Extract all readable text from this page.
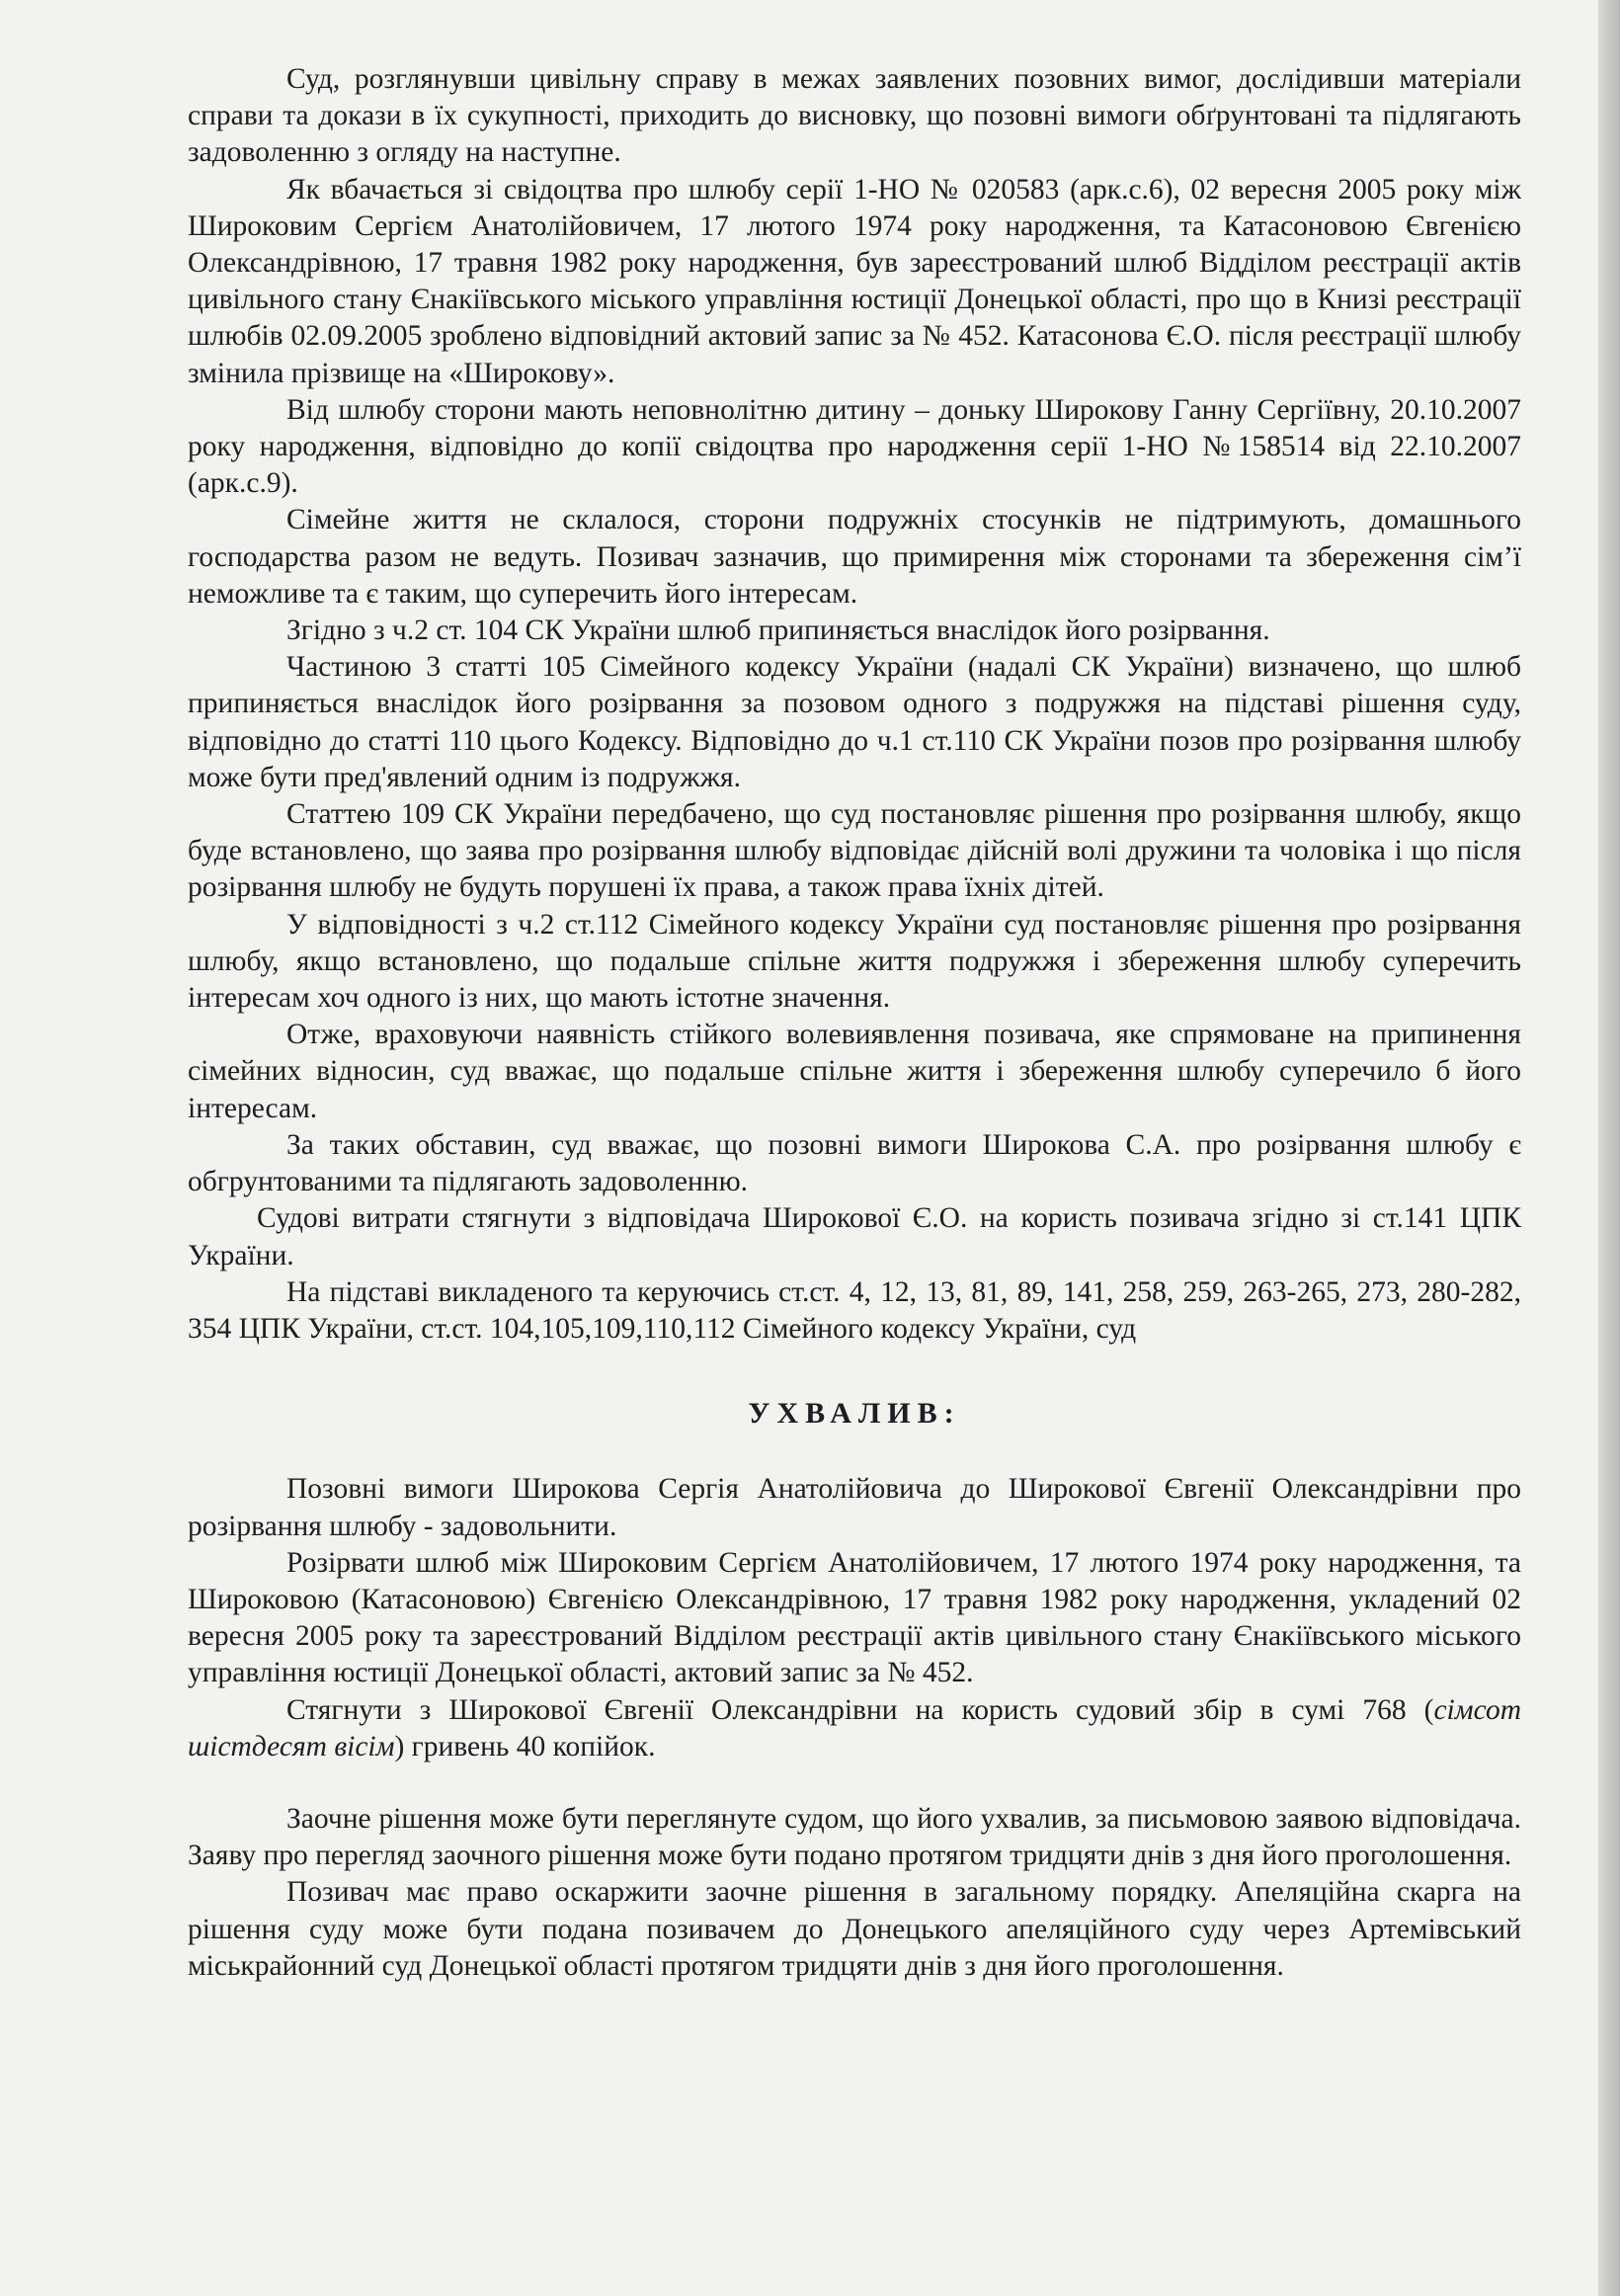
Суд, розглянувши цивільну справу в межах заявлених позовних вимог, дослідивши матеріали справи та докази в їх сукупності, приходить до висновку, що позовні вимоги обґрунтовані та підлягають задоволенню з огляду на наступне.

Як вбачається зі свідоцтва про шлюбу серії 1-НО № 020583 (арк.с.6), 02 вересня 2005 року між Широковим Сергієм Анатолійовичем, 17 лютого 1974 року народження, та Катасоновою Євгенією Олександрівною, 17 травня 1982 року народження, був зареєстрований шлюб Відділом реєстрації актів цивільного стану Єнакіївського міського управління юстиції Донецької області, про що в Книзі реєстрації шлюбів 02.09.2005 зроблено відповідний актовий запис за № 452. Катасонова Є.О. після реєстрації шлюбу змінила прізвище на «Широкову».

Від шлюбу сторони мають неповнолітню дитину – доньку Широкову Ганну Сергіївну, 20.10.2007 року народження, відповідно до копії свідоцтва про народження серії 1-НО №158514 від 22.10.2007 (арк.с.9).

Сімейне життя не склалося, сторони подружніх стосунків не підтримують, домашнього господарства разом не ведуть. Позивач зазначив, що примирення між сторонами та збереження сім’ї неможливе та є таким, що суперечить його інтересам.

Згідно з ч.2 ст. 104 СК України шлюб припиняється внаслідок його розірвання.

Частиною 3 статті 105 Сімейного кодексу України (надалі СК України) визначено, що шлюб припиняється внаслідок його розірвання за позовом одного з подружжя на підставі рішення суду, відповідно до статті 110 цього Кодексу. Відповідно до ч.1 ст.110 СК України позов про розірвання шлюбу може бути пред'явлений одним із подружжя.

Статтею 109 СК України передбачено, що суд постановляє рішення про розірвання шлюбу, якщо буде встановлено, що заява про розірвання шлюбу відповідає дійсній волі дружини та чоловіка і що після розірвання шлюбу не будуть порушені їх права, а також права їхніх дітей.

У відповідності з ч.2 ст.112 Сімейного кодексу України суд постановляє рішення про розірвання шлюбу, якщо встановлено, що подальше спільне життя подружжя і збереження шлюбу суперечить інтересам хоч одного із них, що мають істотне значення.

Отже, враховуючи наявність стійкого волевиявлення позивача, яке спрямоване на припинення сімейних відносин, суд вважає, що подальше спільне життя і збереження шлюбу суперечило б його інтересам.

За таких обставин, суд вважає, що позовні вимоги Широкова С.А. про розірвання шлюбу є обгрунтованими та підлягають задоволенню.

Судові витрати стягнути з відповідача Широкової Є.О. на користь позивача згідно зі ст.141 ЦПК України.

На підставі викладеного та керуючись ст.ст. 4, 12, 13, 81, 89, 141, 258, 259, 263-265, 273, 280-282, 354 ЦПК України, ст.ст. 104,105,109,110,112 Сімейного кодексу України, суд

УХВАЛИВ:

Позовні вимоги Широкова Сергія Анатолійовича до Широкової Євгенії Олександрівни про розірвання шлюбу - задовольнити.

Розірвати шлюб між Широковим Сергієм Анатолійовичем, 17 лютого 1974 року народження, та Широковою (Катасоновою) Євгенією Олександрівною, 17 травня 1982 року народження, укладений 02 вересня 2005 року та зареєстрований Відділом реєстрації актів цивільного стану Єнакіївського міського управління юстиції Донецької області, актовий запис за № 452.

Стягнути з Широкової Євгенії Олександрівни на користь судовий збір в сумі 768 (сімсот шістдесят вісім) гривень 40 копійок.

Заочне рішення може бути переглянуте судом, що його ухвалив, за письмовою заявою відповідача. Заяву про перегляд заочного рішення може бути подано протягом тридцяти днів з дня його проголошення.

Позивач має право оскаржити заочне рішення в загальному порядку. Апеляційна скарга на рішення суду може бути подана позивачем до Донецького апеляційного суду через Артемівський міськрайонний суд Донецької області протягом тридцяти днів з дня його проголошення.
